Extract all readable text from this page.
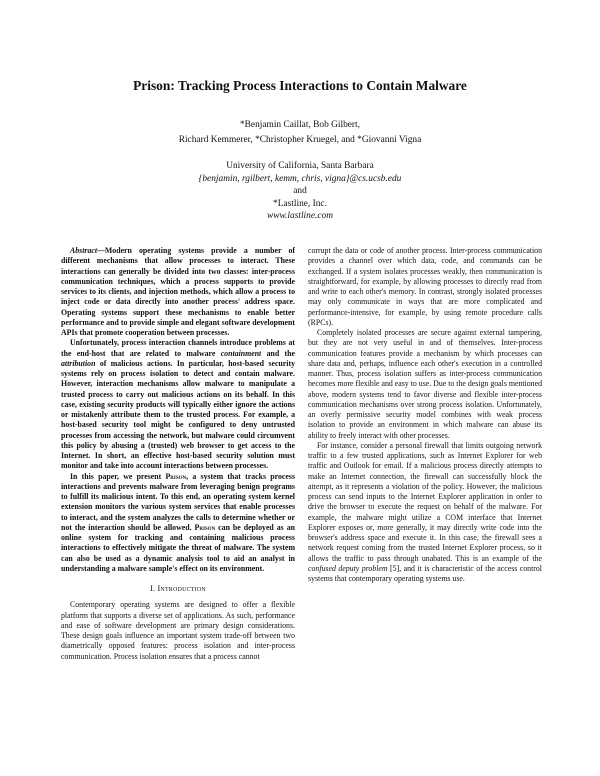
Prison: Tracking Process Interactions to Contain Malware
*Benjamin Caillat, Bob Gilbert,
Richard Kemmerer, *Christopher Kruegel, and *Giovanni Vigna
University of California, Santa Barbara
{benjamin, rgilbert, kemm, chris, vigna}@cs.ucsb.edu
and
*Lastline, Inc.
www.lastline.com

Abstract—Modern operating systems provide a number of different mechanisms that allow processes to interact. These interactions can generally be divided into two classes: inter-process communication techniques, which a process supports to provide services to its clients, and injection methods, which allow a process to inject code or data directly into another process' address space. Operating systems support these mechanisms to enable better performance and to provide simple and elegant software development APIs that promote cooperation between processes.

Unfortunately, process interaction channels introduce problems at the end-host that are related to malware containment and the attribution of malicious actions. In particular, host-based security systems rely on process isolation to detect and contain malware. However, interaction mechanisms allow malware to manipulate a trusted process to carry out malicious actions on its behalf. In this case, existing security products will typically either ignore the actions or mistakenly attribute them to the trusted process. For example, a host-based security tool might be configured to deny untrusted processes from accessing the network, but malware could circumvent this policy by abusing a (trusted) web browser to get access to the Internet. In short, an effective host-based security solution must monitor and take into account interactions between processes.

In this paper, we present Prison, a system that tracks process interactions and prevents malware from leveraging benign programs to fulfill its malicious intent. To this end, an operating system kernel extension monitors the various system services that enable processes to interact, and the system analyzes the calls to determine whether or not the interaction should be allowed. Prison can be deployed as an online system for tracking and containing malicious process interactions to effectively mitigate the threat of malware. The system can also be used as a dynamic analysis tool to aid an analyst in understanding a malware sample's effect on its environment.

I. Introduction

Contemporary operating systems are designed to offer a flexible platform that supports a diverse set of applications. As such, performance and ease of software development are primary design considerations. These design goals influence an important system trade-off between two diametrically opposed features: process isolation and inter-process communication. Process isolation ensures that a process cannot

corrupt the data or code of another process. Inter-process communication provides a channel over which data, code, and commands can be exchanged. If a system isolates processes weakly, then communication is straightforward, for example, by allowing processes to directly read from and write to each other's memory. In contrast, strongly isolated processes may only communicate in ways that are more complicated and performance-intensive, for example, by using remote procedure calls (RPCs).

Completely isolated processes are secure against external tampering, but they are not very useful in and of themselves. Inter-process communication features provide a mechanism by which processes can share data and, perhaps, influence each other's execution in a controlled manner. Thus, process isolation suffers as inter-process communication becomes more flexible and easy to use. Due to the design goals mentioned above, modern systems tend to favor diverse and flexible inter-process communication mechanisms over strong process isolation. Unfortunately, an overly permissive security model combines with weak process isolation to provide an environment in which malware can abuse its ability to freely interact with other processes.

For instance, consider a personal firewall that limits outgoing network traffic to a few trusted applications, such as Internet Explorer for web traffic and Outlook for email. If a malicious process directly attempts to make an Internet connection, the firewall can successfully block the attempt, as it represents a violation of the policy. However, the malicious process can send inputs to the Internet Explorer application in order to drive the browser to execute the request on behalf of the malware. For example, the malware might utilize a COM interface that Internet Explorer exposes or, more generally, it may directly write code into the browser's address space and execute it. In this case, the firewall sees a network request coming from the trusted Internet Explorer process, so it allows the traffic to pass through unabated. This is an example of the confused deputy problem [5], and it is characteristic of the access control systems that contemporary operating systems use.
